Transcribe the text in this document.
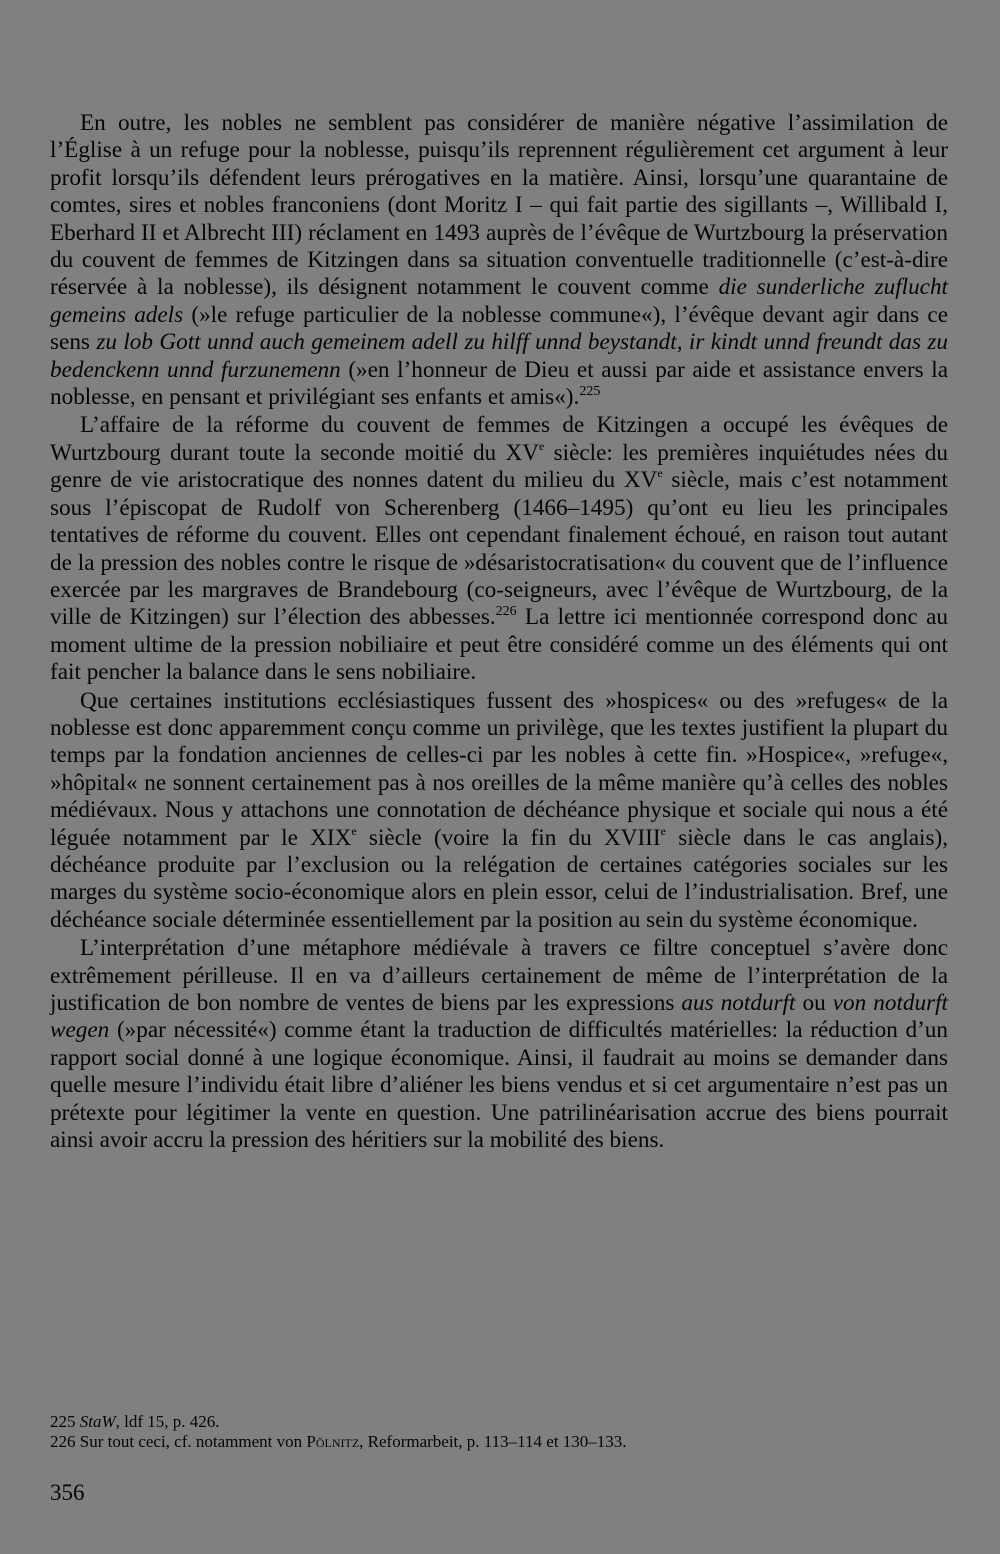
En outre, les nobles ne semblent pas considérer de manière négative l’assimilation de l’Église à un refuge pour la noblesse, puisqu’ils reprennent régulièrement cet argument à leur profit lorsqu’ils défendent leurs prérogatives en la matière. Ainsi, lorsqu’une quarantaine de comtes, sires et nobles franconiens (dont Moritz I – qui fait partie des sigillants –, Willibald I, Eberhard II et Albrecht III) réclament en 1493 auprès de l’évêque de Wurtzbourg la préservation du couvent de femmes de Kitzingen dans sa situation conventuelle traditionnelle (c’est-à-dire réservée à la noblesse), ils désignent notamment le couvent comme die sunderliche zuflucht gemeins adels (»le refuge particulier de la noblesse commune«), l’évêque devant agir dans ce sens zu lob Gott unnd auch gemeinem adell zu hilff unnd beystandt, ir kindt unnd freundt das zu bedenckenn unnd furzunemenn (»en l’honneur de Dieu et aussi par aide et assistance envers la noblesse, en pensant et privilégiant ses enfants et amis«).$^{225}$

L’affaire de la réforme du couvent de femmes de Kitzingen a occupé les évêques de Wurtzbourg durant toute la seconde moitié du XVe siècle: les premières inquiétudes nées du genre de vie aristocratique des nonnes datent du milieu du XVe siècle, mais c’est notamment sous l’épiscopat de Rudolf von Scherenberg (1466–1495) qu’ont eu lieu les principales tentatives de réforme du couvent. Elles ont cependant finalement échoué, en raison tout autant de la pression des nobles contre le risque de »désaristocratisation« du couvent que de l’influence exercée par les margraves de Brandebourg (co-seigneurs, avec l’évêque de Wurtzbourg, de la ville de Kitzingen) sur l’élection des abbesses.$^{226}$ La lettre ici mentionnée correspond donc au moment ultime de la pression nobiliaire et peut être considéré comme un des éléments qui ont fait pencher la balance dans le sens nobiliaire.

Que certaines institutions ecclésiastiques fussent des »hospices« ou des »refuges« de la noblesse est donc apparemment conçu comme un privilège, que les textes justifient la plupart du temps par la fondation anciennes de celles-ci par les nobles à cette fin. »Hospice«, »refuge«, »hôpital« ne sonnent certainement pas à nos oreilles de la même manière qu’à celles des nobles médiévaux. Nous y attachons une connotation de déchéance physique et sociale qui nous a été léguée notamment par le XIXe siècle (voire la fin du XVIIIe siècle dans le cas anglais), déchéance produite par l’exclusion ou la relégation de certaines catégories sociales sur les marges du système socio-économique alors en plein essor, celui de l’industrialisation. Bref, une déchéance sociale déterminée essentiellement par la position au sein du système économique.

L’interprétation d’une métaphore médiévale à travers ce filtre conceptuel s’avère donc extrêmement périlleuse. Il en va d’ailleurs certainement de même de l’interprétation de la justification de bon nombre de ventes de biens par les expressions aus notdurft ou von notdurft wegen (»par nécessité«) comme étant la traduction de difficultés matérielles: la réduction d’un rapport social donné à une logique économique. Ainsi, il faudrait au moins se demander dans quelle mesure l’individu était libre d’aliéner les biens vendus et si cet argumentaire n’est pas un prétexte pour légitimer la vente en question. Une patrilinéarisation accrue des biens pourrait ainsi avoir accru la pression des héritiers sur la mobilité des biens.

225 StaW, ldf 15, p. 426.
226 Sur tout ceci, cf. notamment von Pölnitz, Reformarbeit, p. 113–114 et 130–133.
356
